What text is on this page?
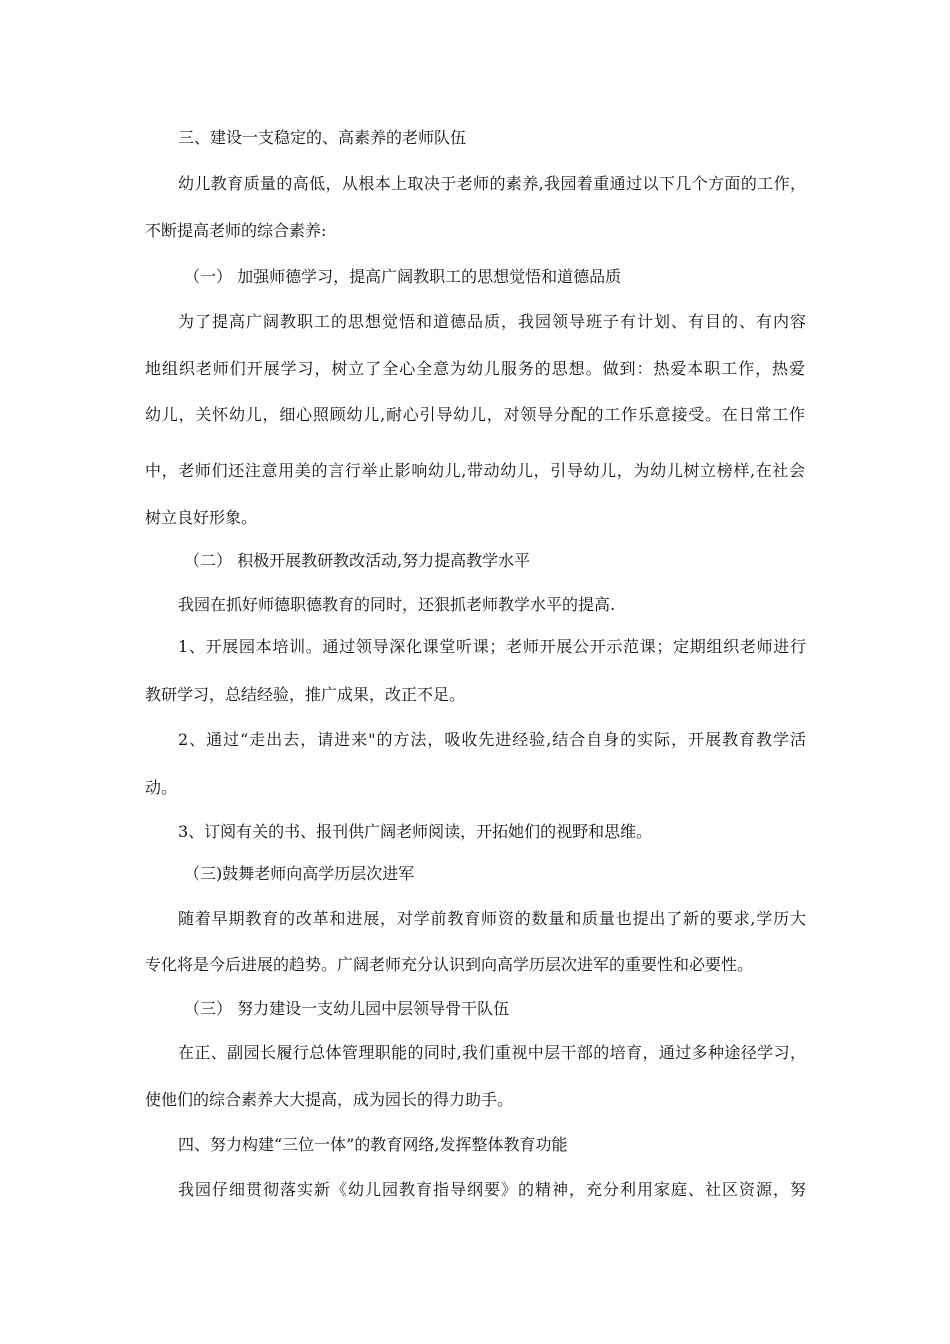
三、建设一支稳定的、高素养的老师队伍

幼儿教育质量的高低，从根本上取决于老师的素养,我园着重通过以下几个方面的工作，

不断提高老师的综合素养:

（一） 加强师德学习，提高广阔教职工的思想觉悟和道德品质

为了提高广阔教职工的思想觉悟和道德品质，我园领导班子有计划、有目的、有内容

地组织老师们开展学习，树立了全心全意为幼儿服务的思想。做到：热爱本职工作，热爱

幼儿，关怀幼儿，细心照顾幼儿,耐心引导幼儿，对领导分配的工作乐意接受。在日常工作

中，老师们还注意用美的言行举止影响幼儿,带动幼儿，引导幼儿，为幼儿树立榜样,在社会

树立良好形象。

（二） 积极开展教研教改活动,努力提高教学水平

我园在抓好师德职德教育的同时，还狠抓老师教学水平的提高.

1、开展园本培训。通过领导深化课堂听课；老师开展公开示范课；定期组织老师进行

教研学习，总结经验，推广成果，改正不足。

2、通过“走出去，请进来"的方法，吸收先进经验,结合自身的实际，开展教育教学活

动。

3、订阅有关的书、报刊供广阔老师阅读，开拓她们的视野和思维。

（三)鼓舞老师向高学历层次进军

随着早期教育的改革和进展，对学前教育师资的数量和质量也提出了新的要求,学历大

专化将是今后进展的趋势。广阔老师充分认识到向高学历层次进军的重要性和必要性。

（三） 努力建设一支幼儿园中层领导骨干队伍

在正、副园长履行总体管理职能的同时,我们重视中层干部的培育，通过多种途径学习，

使他们的综合素养大大提高，成为园长的得力助手。

四、努力构建“三位一体”的教育网络,发挥整体教育功能

我园仔细贯彻落实新《幼儿园教育指导纲要》的精神，充分利用家庭、社区资源，努
